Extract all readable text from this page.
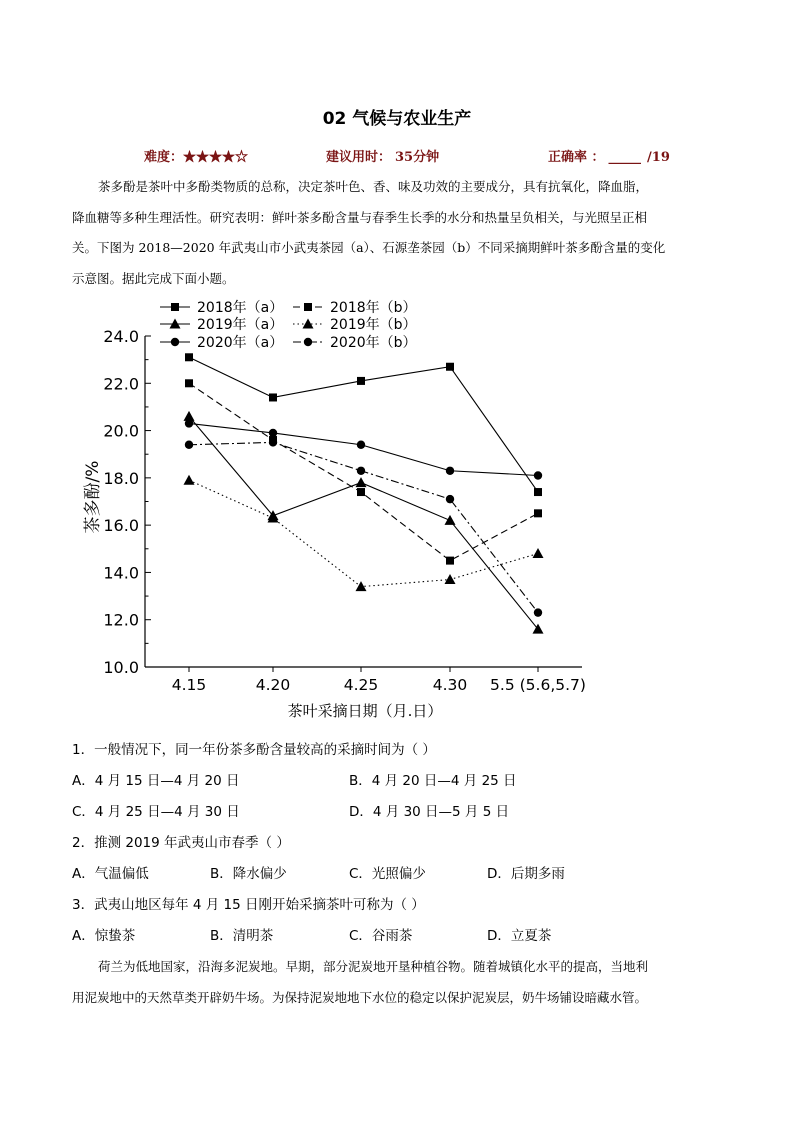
02 气候与农业生产
难度：★★★★☆	建议用时： 35分钟	正确率 ： _____ /19
茶多酚是茶叶中多酚类物质的总称，决定茶叶色、香、味及功效的主要成分，具有抗氧化，降血脂，
降血糖等多种生理活性。研究表明：鲜叶茶多酚含量与春季生长季的水分和热量呈负相关，与光照呈正相
关。下图为 2018—2020 年武夷山市小武夷茶园（a）、石源垄茶园（b）不同采摘期鲜叶茶多酚含量的变化
示意图。据此完成下面小题。
2018年（a）
2019年（a）
2020年（a）
2018年（b）
2019年（b）
2020年（b）
10.0
12.0
14.0
16.0
18.0
20.0
22.0
24.0
4.15	4.20	4.25	4.30 5.5 (5.6,5.7)
茶多酚/%
茶叶采摘日期（月.日）
1．一般情况下，同一年份茶多酚含量较高的采摘时间为（ ）
A．4 月 15 日—4 月 20 日	B．4 月 20 日—4 月 25 日
C．4 月 25 日—4 月 30 日	D．4 月 30 日—5 月 5 日
2．推测 2019 年武夷山市春季（ ）
A．气温偏低	B．降水偏少	C．光照偏少	D．后期多雨
3．武夷山地区每年 4 月 15 日刚开始采摘茶叶可称为（ ）
A．惊蛰茶	B．清明茶	C．谷雨茶	D．立夏茶
荷兰为低地国家，沿海多泥炭地。早期，部分泥炭地开垦种植谷物。随着城镇化水平的提高，当地利
用泥炭地中的天然草类开辟奶牛场。为保持泥炭地地下水位的稳定以保护泥炭层，奶牛场铺设暗藏水管。
